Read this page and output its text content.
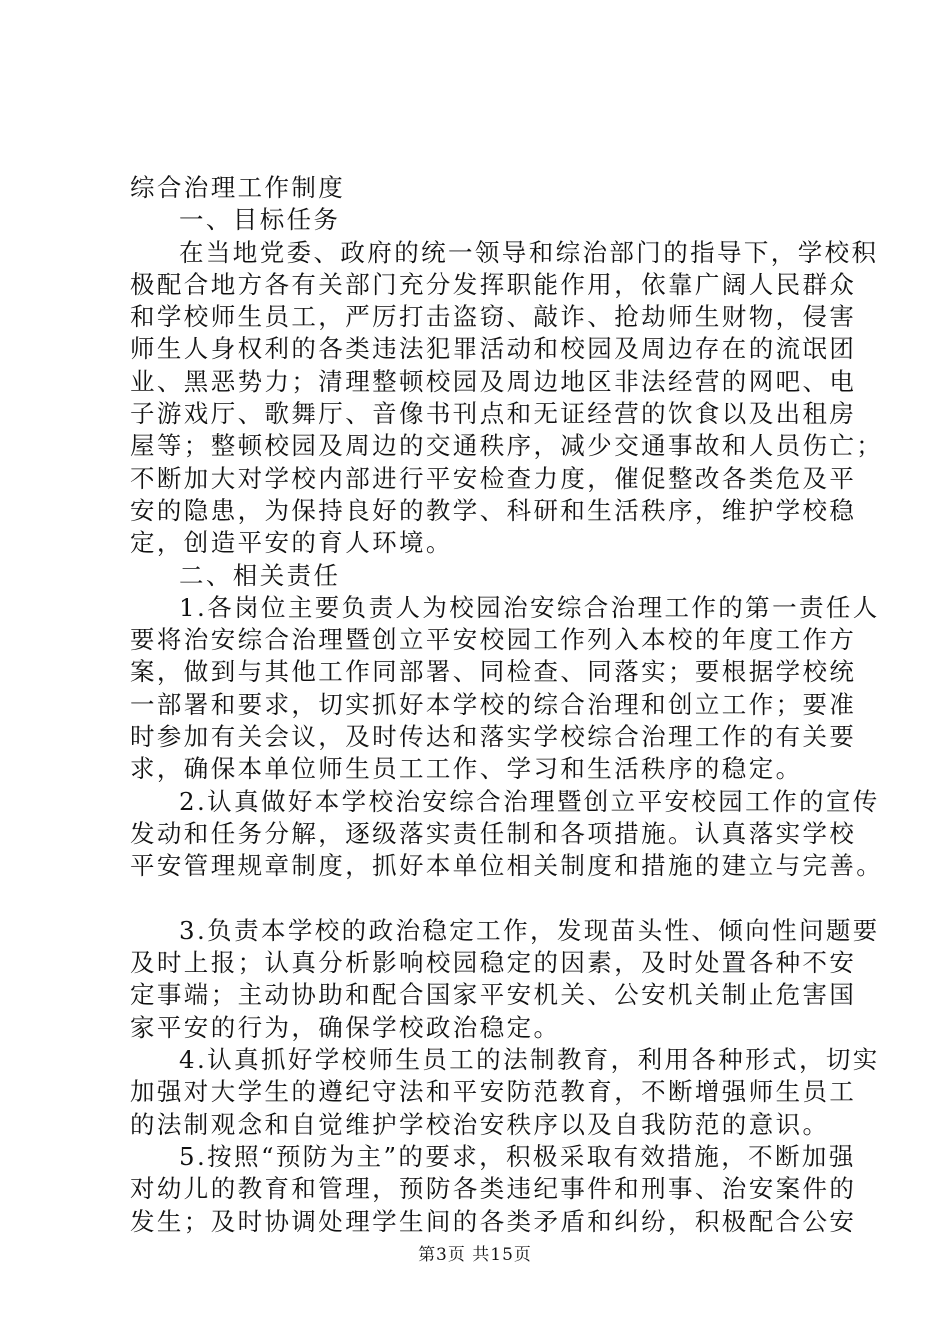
综合治理工作制度
一、目标任务
在当地党委、政府的统一领导和综治部门的指导下，学校积
极配合地方各有关部门充分发挥职能作用，依靠广阔人民群众
和学校师生员工，严厉打击盗窃、敲诈、抢劫师生财物，侵害
师生人身权利的各类违法犯罪活动和校园及周边存在的流氓团
业、黑恶势力；清理整顿校园及周边地区非法经营的网吧、电
子游戏厅、歌舞厅、音像书刊点和无证经营的饮食以及出租房
屋等；整顿校园及周边的交通秩序，减少交通事故和人员伤亡；
不断加大对学校内部进行平安检查力度，催促整改各类危及平
安的隐患，为保持良好的教学、科研和生活秩序，维护学校稳
定，创造平安的育人环境。
二、相关责任
1.各岗位主要负责人为校园治安综合治理工作的第一责任人
要将治安综合治理暨创立平安校园工作列入本校的年度工作方
案，做到与其他工作同部署、同检查、同落实；要根据学校统
一部署和要求，切实抓好本学校的综合治理和创立工作；要准
时参加有关会议，及时传达和落实学校综合治理工作的有关要
求，确保本单位师生员工工作、学习和生活秩序的稳定。
2.认真做好本学校治安综合治理暨创立平安校园工作的宣传
发动和任务分解，逐级落实责任制和各项措施。认真落实学校
平安管理规章制度，抓好本单位相关制度和措施的建立与完善。
3.负责本学校的政治稳定工作，发现苗头性、倾向性问题要
及时上报；认真分析影响校园稳定的因素，及时处置各种不安
定事端；主动协助和配合国家平安机关、公安机关制止危害国
家平安的行为，确保学校政治稳定。
4.认真抓好学校师生员工的法制教育，利用各种形式，切实
加强对大学生的遵纪守法和平安防范教育，不断增强师生员工
的法制观念和自觉维护学校治安秩序以及自我防范的意识。
5.按照“预防为主”的要求，积极采取有效措施，不断加强
对幼儿的教育和管理，预防各类违纪事件和刑事、治安案件的
发生；及时协调处理学生间的各类矛盾和纠纷，积极配合公安
第3页 共15页
